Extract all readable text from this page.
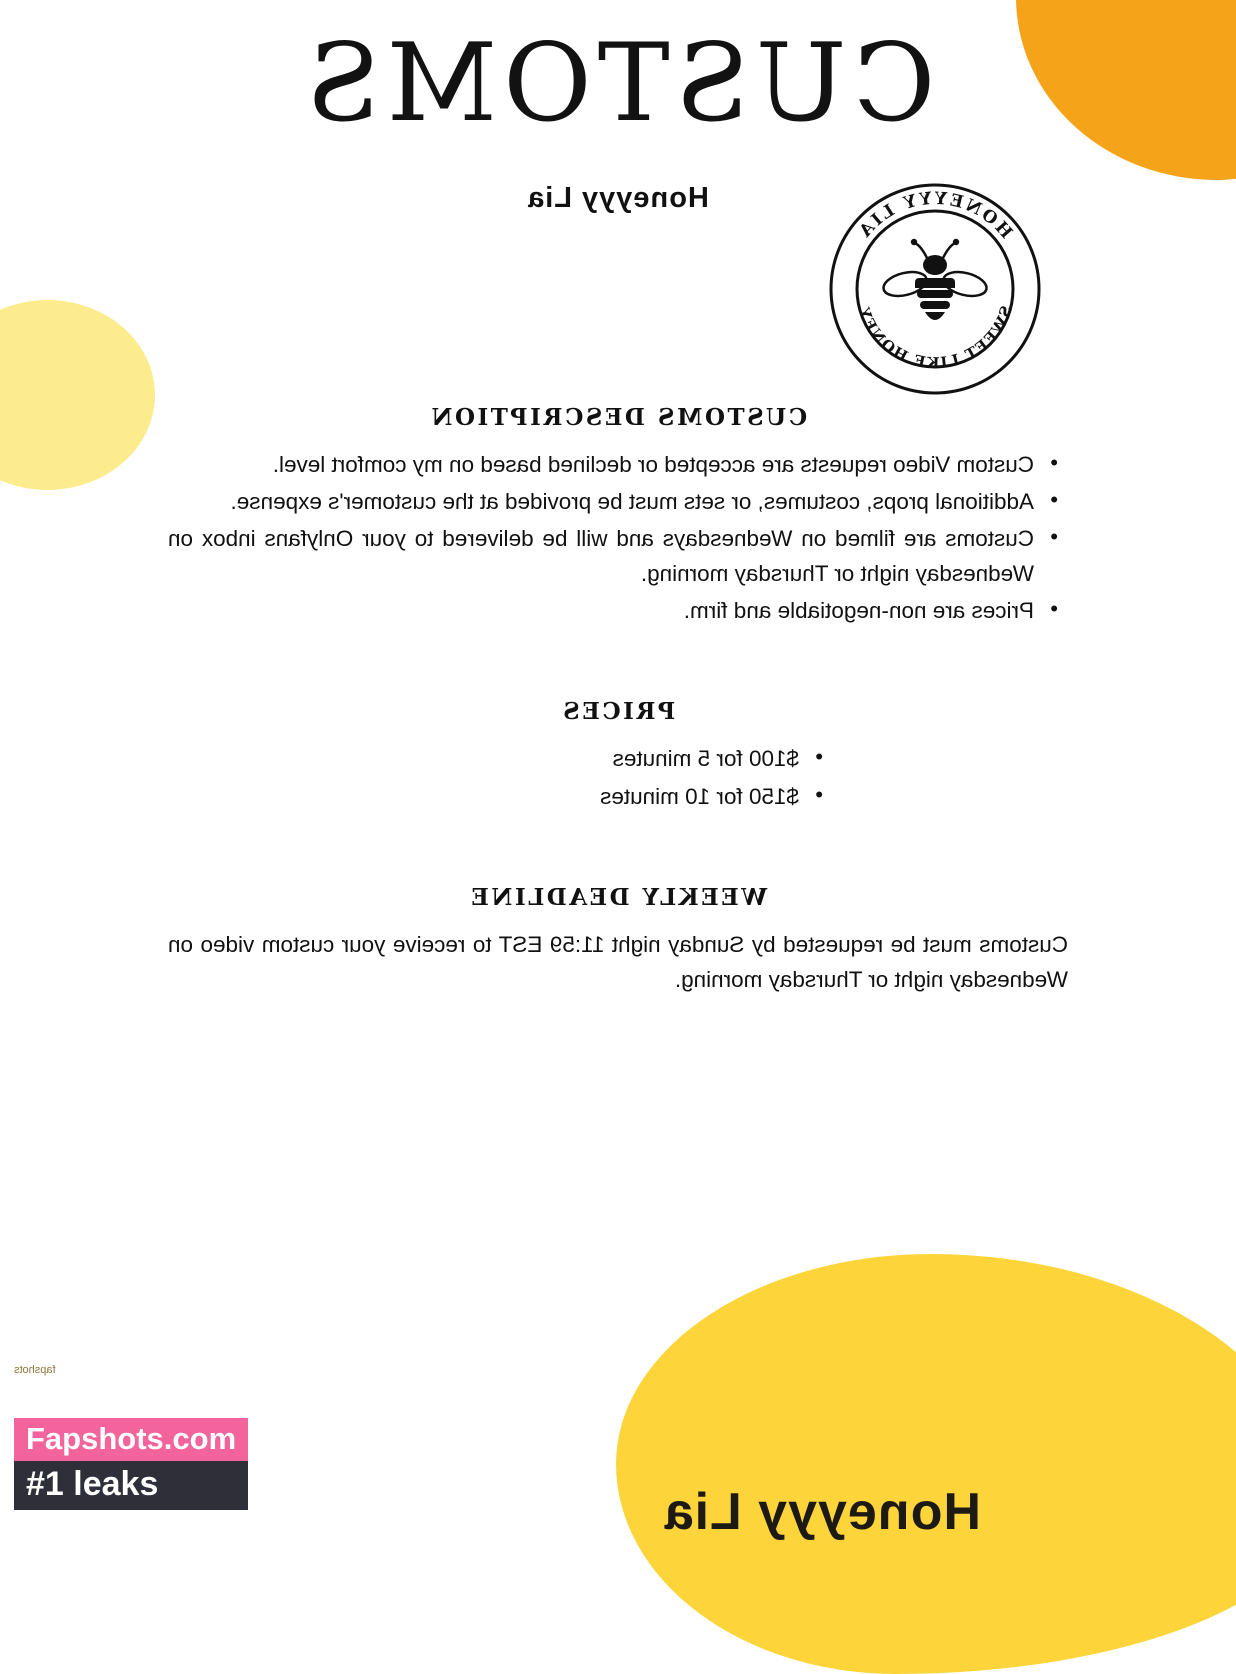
CUSTOMS
Honeyyy Lia
HONEYYY LIA
SWEET LIKE HONEY
CUSTOMS DESCRIPTION
• Custom Video requests are accepted or declined based on my comfort level.
• Additional props, costumes, or sets must be provided at the customer's expense.
• Customs are filmed on Wednesdays and will be delivered to your Onlyfans inbox on Wednesday night or Thursday morning.
• Prices are non-negotiable and firm.
PRICES
• $100 for 5 minutes
• $150 for 10 minutes
WEEKLY DEADLINE

Customs must be requested by Sunday night 11:59 EST to receive your custom video on Wednesday night or Thursday morning.

Honeyyy Lia
fapshots
Fapshots.com
#1 leaks
